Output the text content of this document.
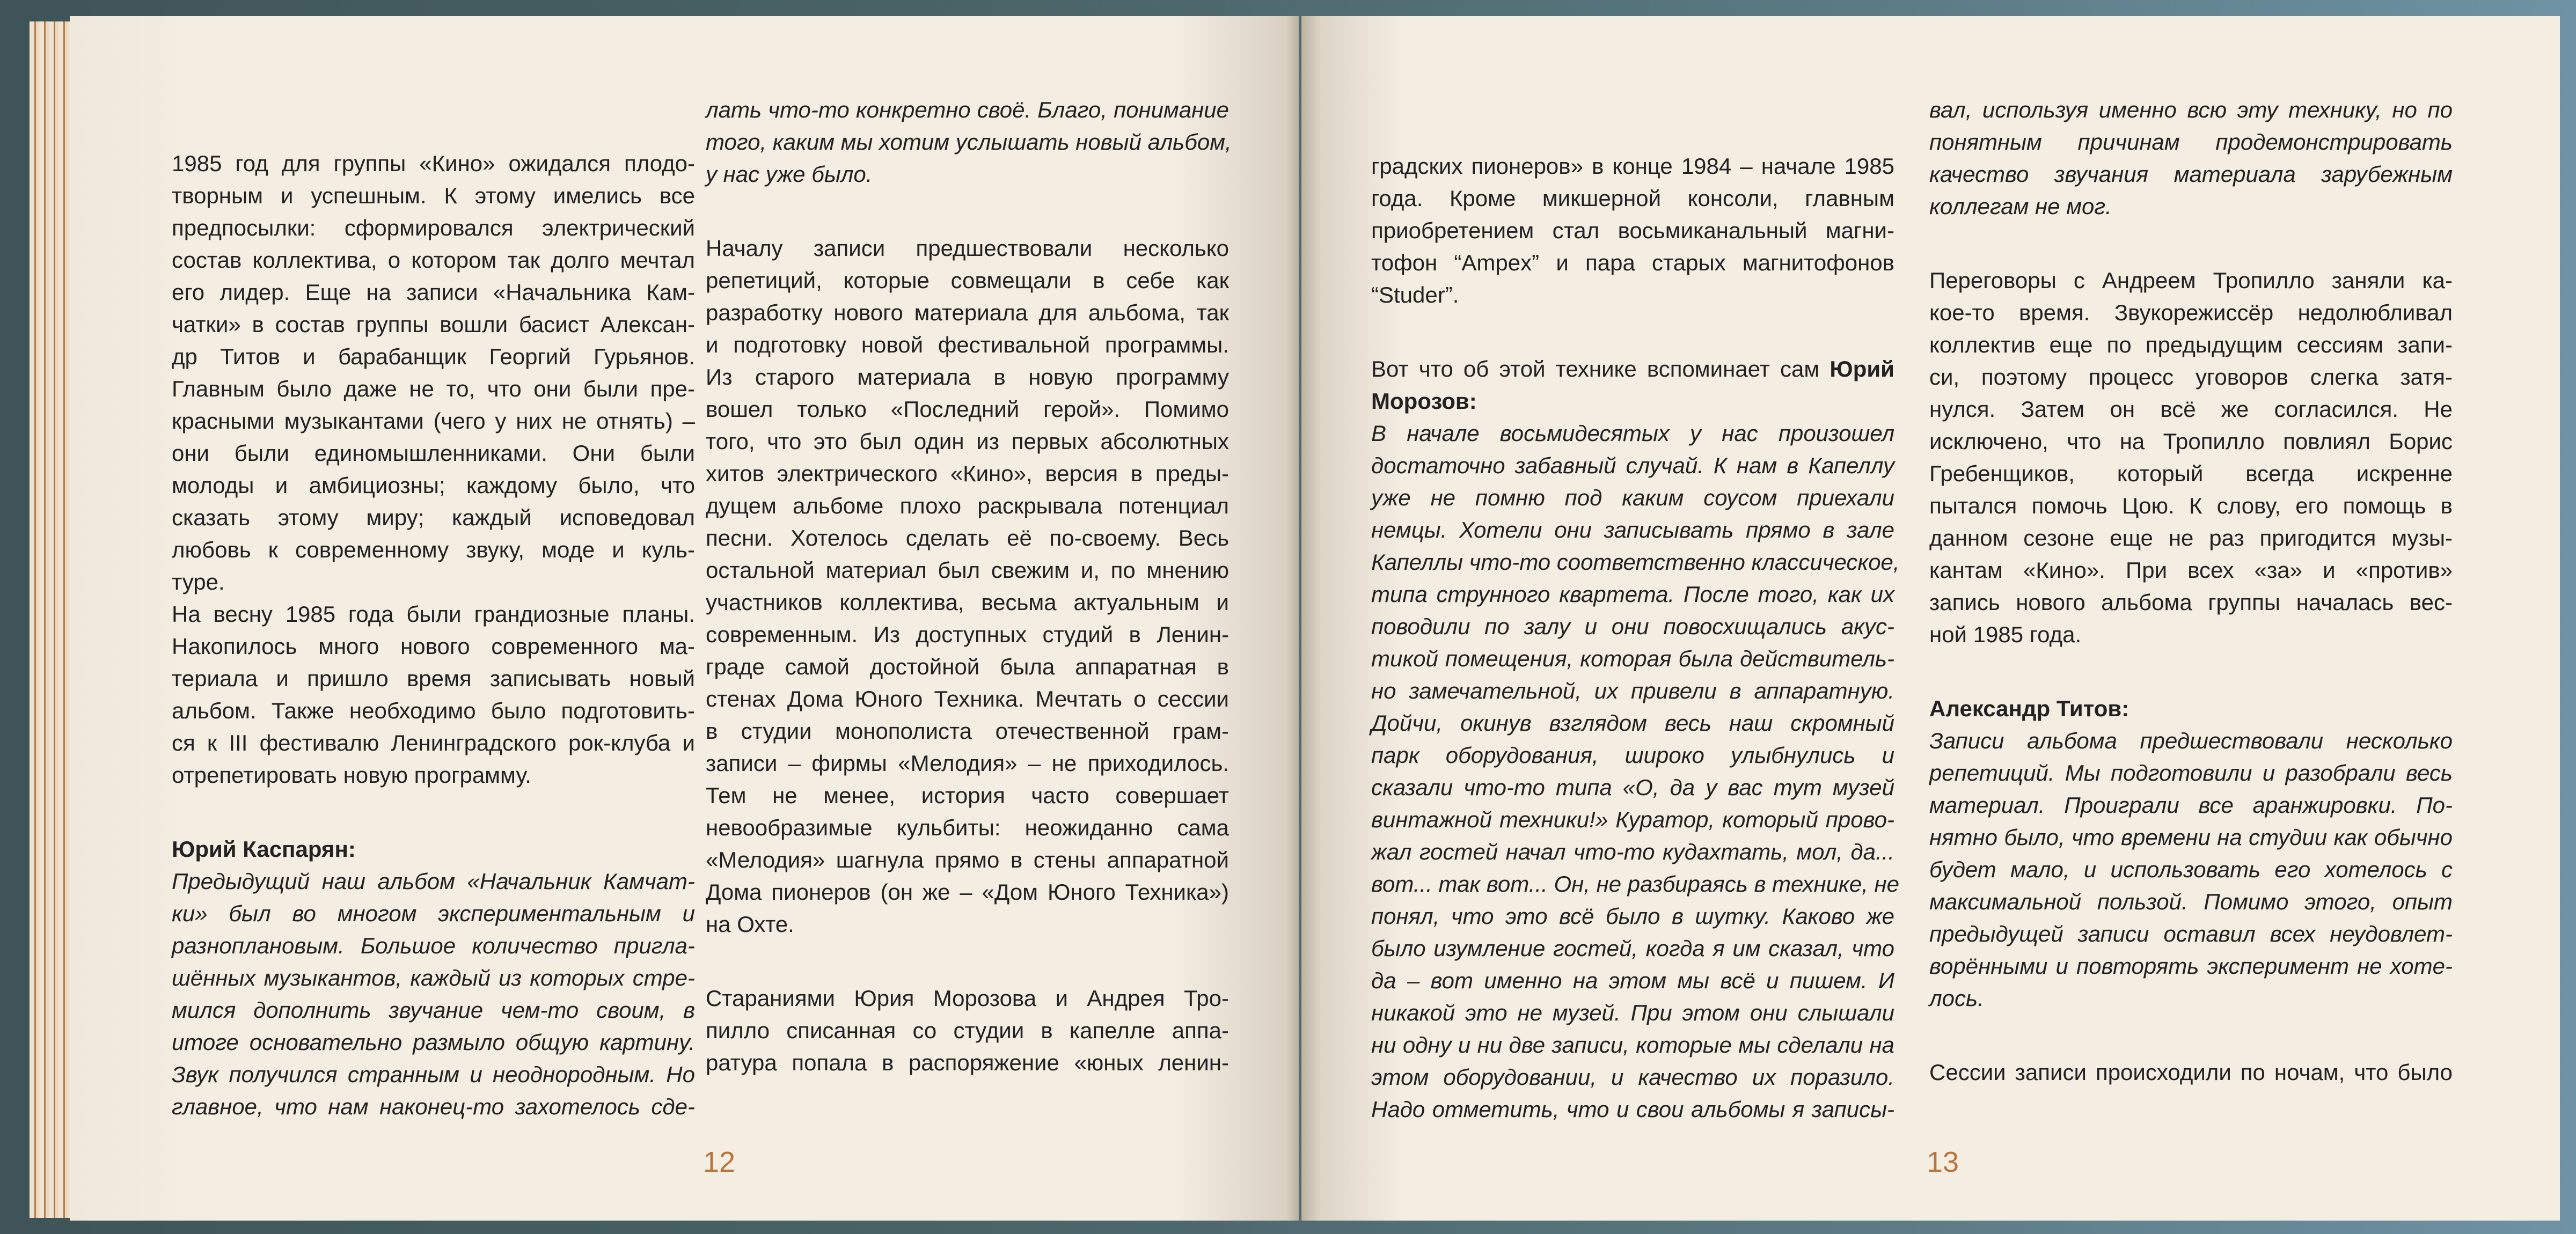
1985 год для группы «Кино» ожидался плодо-
творным и успешным. К этому имелись все
предпосылки: сформировался электрический
состав коллектива, о котором так долго мечтал
его лидер. Еще на записи «Начальника Кам-
чатки» в состав группы вошли басист Алексан-
др Титов и барабанщик Георгий Гурьянов.
Главным было даже не то, что они были пре-
красными музыкантами (чего у них не отнять) –
они были единомышленниками. Они были
молоды и амбициозны; каждому было, что
сказать этому миру; каждый исповедовал
любовь к современному звуку, моде и куль-
туре.
На весну 1985 года были грандиозные планы.
Накопилось много нового современного ма-
териала и пришло время записывать новый
альбом. Также необходимо было подготовить-
ся к III фестивалю Ленинградского рок-клуба и
отрепетировать новую программу.
Юрий Каспарян:
Предыдущий наш альбом «Начальник Камчат-
ки» был во многом экспериментальным и
разноплановым. Большое количество пригла-
шённых музыкантов, каждый из которых стре-
мился дополнить звучание чем-то своим, в
итоге основательно размыло общую картину.
Звук получился странным и неоднородным. Но
главное, что нам наконец-то захотелось сде-
лать что-то конкретно своё. Благо, понимание
того, каким мы хотим услышать новый альбом,
у нас уже было.
Началу записи предшествовали несколько
репетиций, которые совмещали в себе как
разработку нового материала для альбома, так
и подготовку новой фестивальной программы.
Из старого материала в новую программу
вошел только «Последний герой». Помимо
того, что это был один из первых абсолютных
хитов электрического «Кино», версия в преды-
дущем альбоме плохо раскрывала потенциал
песни. Хотелось сделать её по-своему. Весь
остальной материал был свежим и, по мнению
участников коллектива, весьма актуальным и
современным. Из доступных студий в Ленин-
граде самой достойной была аппаратная в
стенах Дома Юного Техника. Мечтать о сессии
в студии монополиста отечественной грам-
записи – фирмы «Мелодия» – не приходилось.
Тем не менее, история часто совершает
невообразимые кульбиты: неожиданно сама
«Мелодия» шагнула прямо в стены аппаратной
Дома пионеров (он же – «Дом Юного Техника»)
на Охте.
Стараниями Юрия Морозова и Андрея Тро-
пилло списанная со студии в капелле аппа-
ратура попала в распоряжение «юных ленин-
12
градских пионеров» в конце 1984 – начале 1985
года. Кроме микшерной консоли, главным
приобретением стал восьмиканальный магни-
тофон “Ampex” и пара старых магнитофонов
“Studer”.
Вот что об этой технике вспоминает сам Юрий
Морозов:
В начале восьмидесятых у нас произошел
достаточно забавный случай. К нам в Капеллу
уже не помню под каким соусом приехали
немцы. Хотели они записывать прямо в зале
Капеллы что-то соответственно классическое,
типа струнного квартета. После того, как их
поводили по залу и они повосхищались акус-
тикой помещения, которая была действитель-
но замечательной, их привели в аппаратную.
Дойчи, окинув взглядом весь наш скромный
парк оборудования, широко улыбнулись и
сказали что-то типа «О, да у вас тут музей
винтажной техники!» Куратор, который прово-
жал гостей начал что-то кудахтать, мол, да...
вот... так вот... Он, не разбираясь в технике, не
понял, что это всё было в шутку. Каково же
было изумление гостей, когда я им сказал, что
да – вот именно на этом мы всё и пишем. И
никакой это не музей. При этом они слышали
ни одну и ни две записи, которые мы сделали на
этом оборудовании, и качество их поразило.
Надо отметить, что и свои альбомы я записы-
вал, используя именно всю эту технику, но по
понятным причинам продемонстрировать
качество звучания материала зарубежным
коллегам не мог.
Переговоры с Андреем Тропилло заняли ка-
кое-то время. Звукорежиссёр недолюбливал
коллектив еще по предыдущим сессиям запи-
си, поэтому процесс уговоров слегка затя-
нулся. Затем он всё же согласился. Не
исключено, что на Тропилло повлиял Борис
Гребенщиков, который всегда искренне
пытался помочь Цою. К слову, его помощь в
данном сезоне еще не раз пригодится музы-
кантам «Кино». При всех «за» и «против»
запись нового альбома группы началась вес-
ной 1985 года.
Александр Титов:
Записи альбома предшествовали несколько
репетиций. Мы подготовили и разобрали весь
материал. Проиграли все аранжировки. По-
нятно было, что времени на студии как обычно
будет мало, и использовать его хотелось с
максимальной пользой. Помимо этого, опыт
предыдущей записи оставил всех неудовлет-
ворёнными и повторять эксперимент не хоте-
лось.
Сессии записи происходили по ночам, что было
13
